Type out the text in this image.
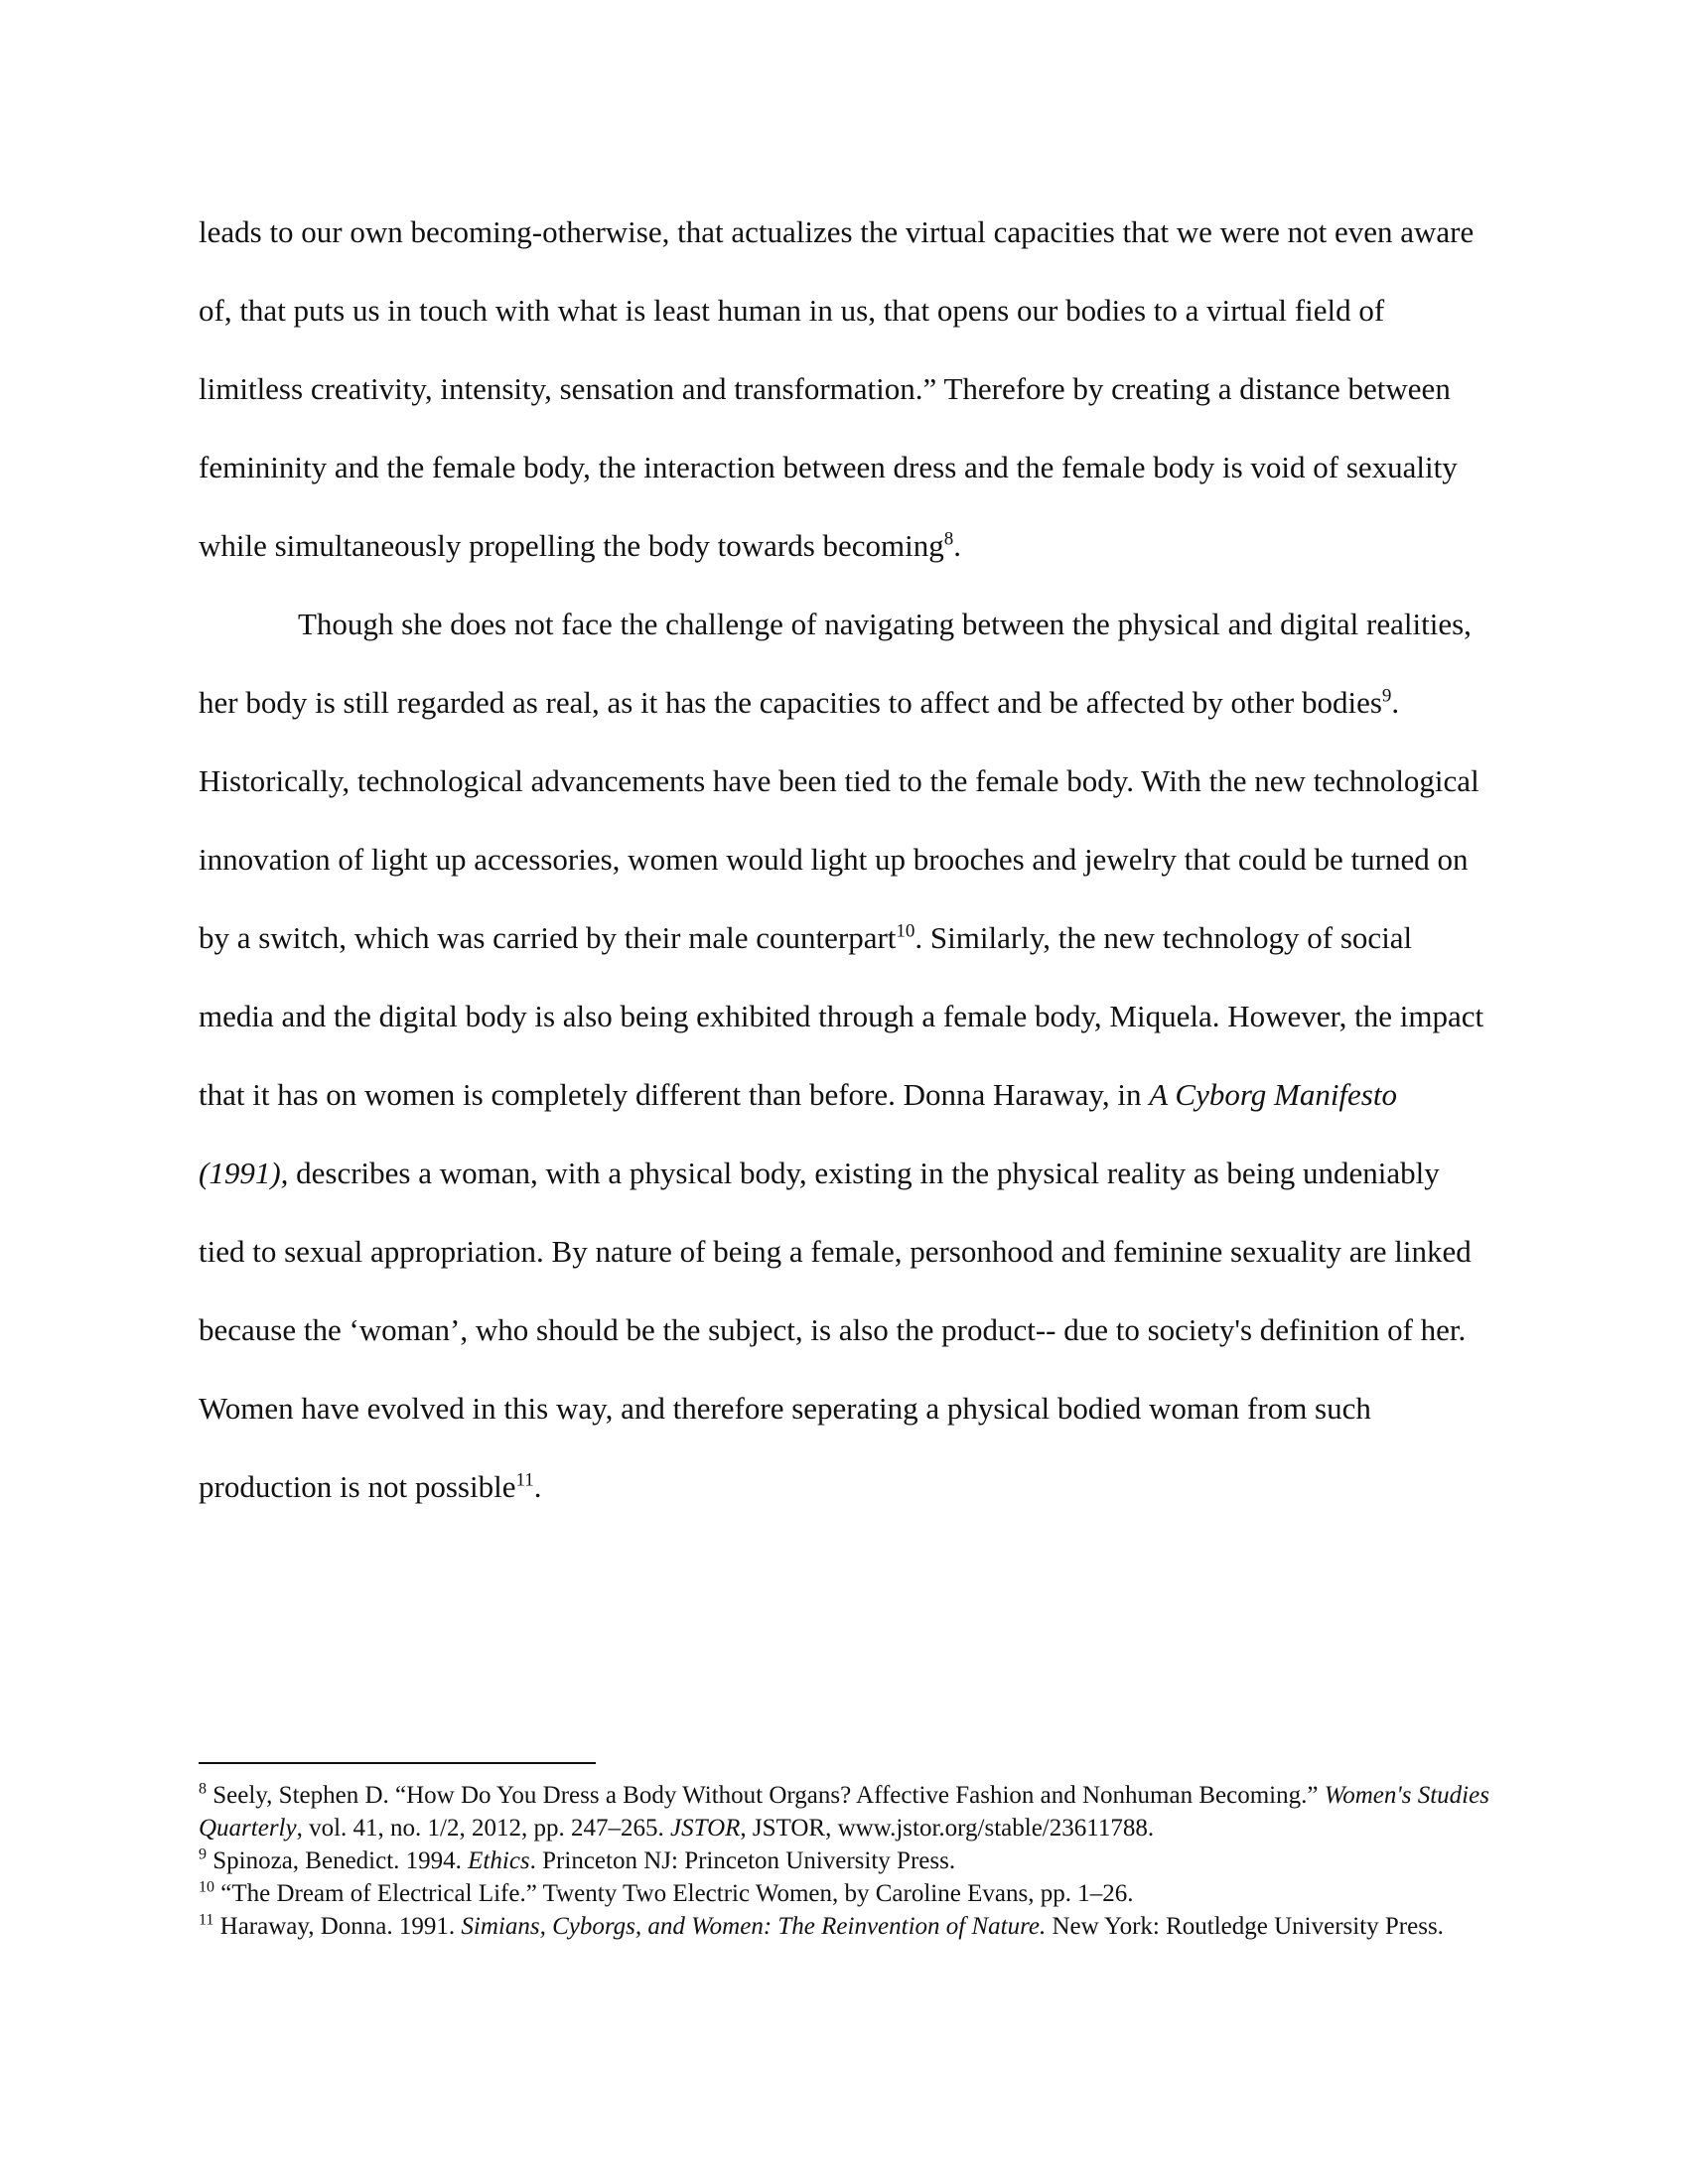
leads to our own becoming-otherwise, that actualizes the virtual capacities that we were not even aware of, that puts us in touch with what is least human in us, that opens our bodies to a virtual field of limitless creativity, intensity, sensation and transformation.” Therefore by creating a distance between femininity and the female body, the interaction between dress and the female body is void of sexuality while simultaneously propelling the body towards becoming$^8$.

Though she does not face the challenge of navigating between the physical and digital realities, her body is still regarded as real, as it has the capacities to affect and be affected by other bodies$^9$. Historically, technological advancements have been tied to the female body. With the new technological innovation of light up accessories, women would light up brooches and jewelry that could be turned on by a switch, which was carried by their male counterpart$^{10}$. Similarly, the new technology of social media and the digital body is also being exhibited through a female body, Miquela. However, the impact that it has on women is completely different than before. Donna Haraway, in A Cyborg Manifesto (1991), describes a woman, with a physical body, existing in the physical reality as being undeniably tied to sexual appropriation. By nature of being a female, personhood and feminine sexuality are linked because the ‘woman’, who should be the subject, is also the product-- due to society's definition of her. Women have evolved in this way, and therefore seperating a physical bodied woman from such production is not possible$^{11}$.

$^8$ Seely, Stephen D. “How Do You Dress a Body Without Organs? Affective Fashion and Nonhuman Becoming.” Women's Studies Quarterly, vol. 41, no. 1/2, 2012, pp. 247–265. JSTOR, JSTOR, www.jstor.org/stable/23611788.

$^9$ Spinoza, Benedict. 1994. Ethics. Princeton NJ: Princeton University Press.

$^{10}$ “The Dream of Electrical Life.” Twenty Two Electric Women, by Caroline Evans, pp. 1–26.

$^{11}$ Haraway, Donna. 1991. Simians, Cyborgs, and Women: The Reinvention of Nature. New York: Routledge University Press.
